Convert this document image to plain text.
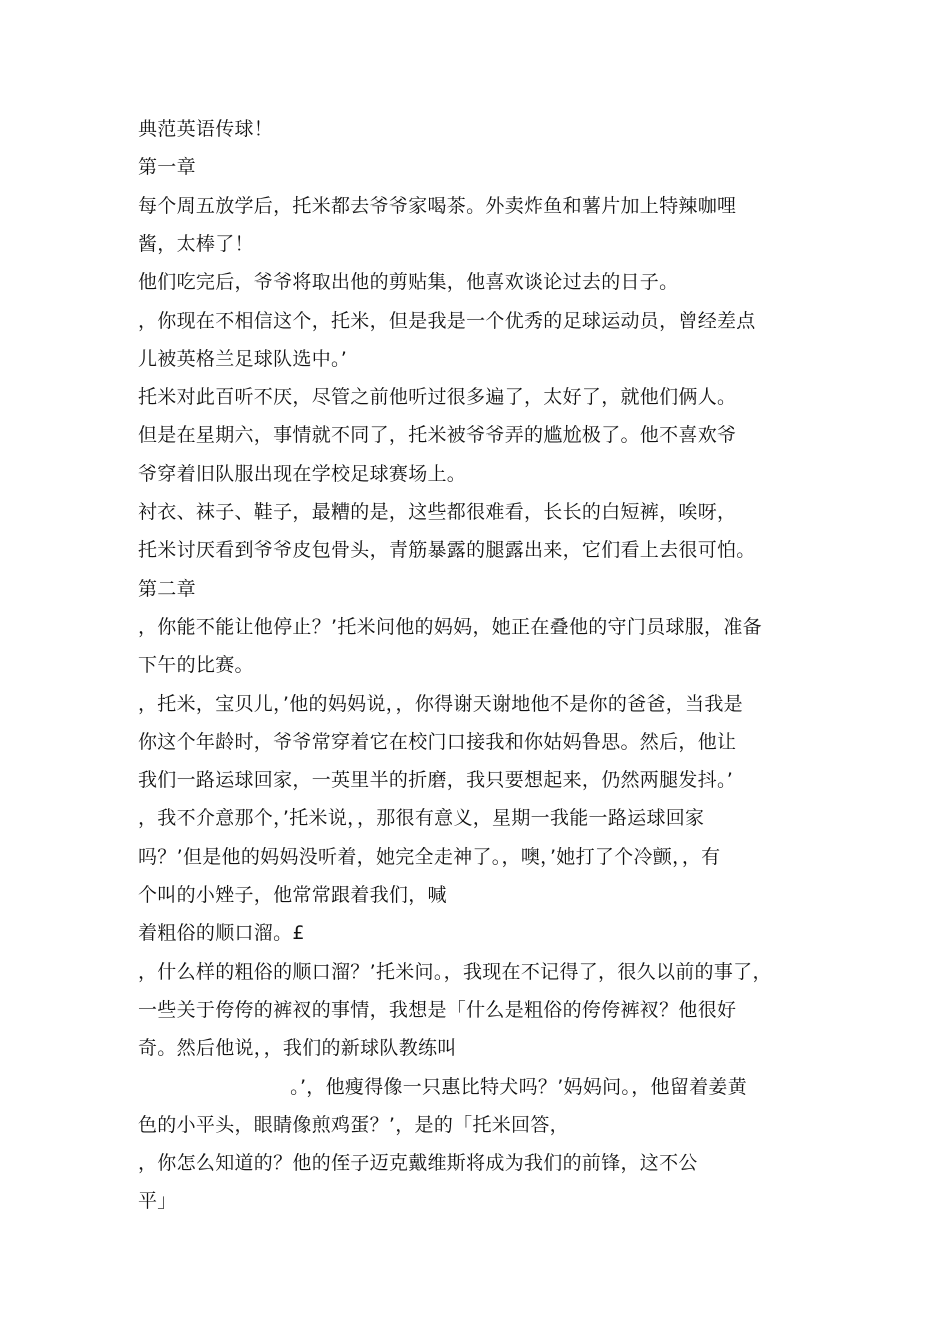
典范英语传球！
第一章
每个周五放学后，托米都去爷爷家喝茶。外卖炸鱼和薯片加上特辣咖哩
酱，太棒了！
他们吃完后，爷爷将取出他的剪贴集，他喜欢谈论过去的日子。
，你现在不相信这个，托米，但是我是一个优秀的足球运动员，曾经差点
儿被英格兰足球队选中。’
托米对此百听不厌，尽管之前他听过很多遍了，太好了，就他们俩人。
但是在星期六，事情就不同了，托米被爷爷弄的尴尬极了。他不喜欢爷
爷穿着旧队服出现在学校足球赛场上。
衬衣、袜子、鞋子，最糟的是，这些都很难看，长长的白短裤，唉呀，
托米讨厌看到爷爷皮包骨头，青筋暴露的腿露出来，它们看上去很可怕。
第二章
，你能不能让他停止？’托米问他的妈妈，她正在叠他的守门员球服，准备
下午的比赛。
，托米，宝贝儿，’他的妈妈说，，你得谢天谢地他不是你的爸爸，当我是
你这个年龄时，爷爷常穿着它在校门口接我和你姑妈鲁思。然后，他让
我们一路运球回家，一英里半的折磨，我只要想起来，仍然两腿发抖。’
，我不介意那个，’托米说，，那很有意义，星期一我能一路运球回家
吗？’但是他的妈妈没听着，她完全走神了。，噢，’她打了个冷颤，，有
个叫的小矬子，他常常跟着我们，喊
着粗俗的顺口溜。£
，什么样的粗俗的顺口溜？’托米问。，我现在不记得了，很久以前的事了，
一些关于侉侉的裤衩的事情，我想是「什么是粗俗的侉侉裤衩？他很好
奇。然后他说，，我们的新球队教练叫
。’，他瘦得像一只惠比特犬吗？’妈妈问。，他留着姜黄
色的小平头，眼睛像煎鸡蛋？’，是的「托米回答，
，你怎么知道的？他的侄子迈克戴维斯将成为我们的前锋，这不公
平」
